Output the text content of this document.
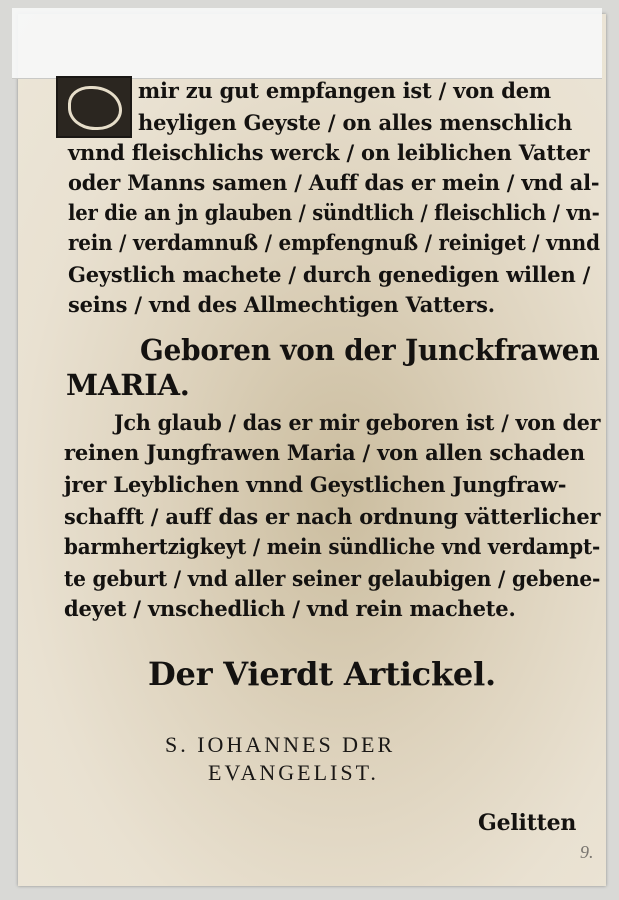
mir zu gut empfangen ist / von dem
heyligen Geyste / on alles menschlich
vnnd fleischlichs werck / on leiblichen Vatter
oder Manns samen / Auff das er mein / vnd al-
ler die an jn glauben / sündtlich / fleischlich / vn-
rein / verdamnuß / empfengnuß / reiniget / vnnd
Geystlich machete / durch genedigen willen /
seins / vnd des Allmechtigen Vatters.
Geboren von der Junckfrawen
MARIA.
Jch glaub / das er mir geboren ist / von der
reinen Jungfrawen Maria / von allen schaden
jrer Leyblichen vnnd Geystlichen Jungfraw-
schafft / auff das er nach ordnung vätterlicher
barmhertzigkeyt / mein sündliche vnd verdampt-
te geburt / vnd aller seiner gelaubigen / gebene-
deyet / vnschedlich / vnd rein machete.
Der Vierdt Artickel.
S. IOHANNES DER
EVANGELIST.
Gelitten
9.
